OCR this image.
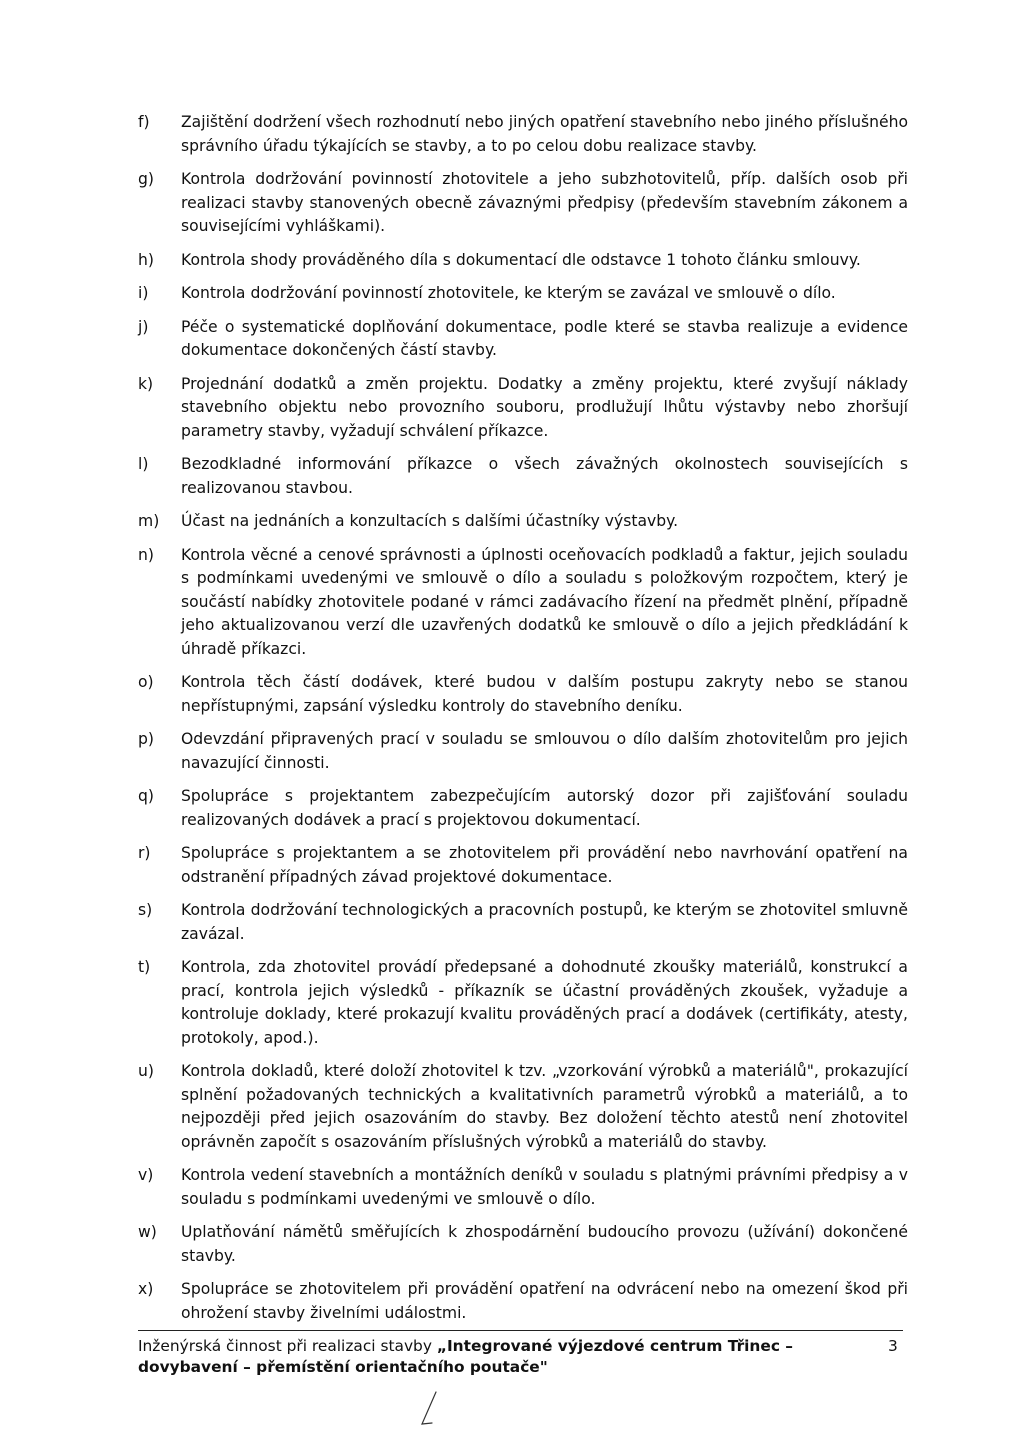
f)	Zajištění dodržení všech rozhodnutí nebo jiných opatření stavebního nebo jiného příslušného správního úřadu týkajících se stavby, a to po celou dobu realizace stavby.
g)	Kontrola dodržování povinností zhotovitele a jeho subzhotovitelů, příp. dalších osob při realizaci stavby stanovených obecně závaznými předpisy (především stavebním zákonem a souvisejícími vyhláškami).
h)	Kontrola shody prováděného díla s dokumentací dle odstavce 1 tohoto článku smlouvy.
i)	Kontrola dodržování povinností zhotovitele, ke kterým se zavázal ve smlouvě o dílo.
j)	Péče o systematické doplňování dokumentace, podle které se stavba realizuje a evidence dokumentace dokončených částí stavby.
k)	Projednání dodatků a změn projektu. Dodatky a změny projektu, které zvyšují náklady stavebního objektu nebo provozního souboru, prodlužují lhůtu výstavby nebo zhoršují parametry stavby, vyžadují schválení příkazce.
l)	Bezodkladné informování příkazce o všech závažných okolnostech souvisejících s realizovanou stavbou.
m)	Účast na jednáních a konzultacích s dalšími účastníky výstavby.
n)	Kontrola věcné a cenové správnosti a úplnosti oceňovacích podkladů a faktur, jejich souladu s podmínkami uvedenými ve smlouvě o dílo a souladu s položkovým rozpočtem, který je součástí nabídky zhotovitele podané v rámci zadávacího řízení na předmět plnění, případně jeho aktualizovanou verzí dle uzavřených dodatků ke smlouvě o dílo a jejich předkládání k úhradě příkazci.
o)	Kontrola těch částí dodávek, které budou v dalším postupu zakryty nebo se stanou nepřístupnými, zapsání výsledku kontroly do stavebního deníku.
p)	Odevzdání připravených prací v souladu se smlouvou o dílo dalším zhotovitelům pro jejich navazující činnosti.
q)	Spolupráce s projektantem zabezpečujícím autorský dozor při zajišťování souladu realizovaných dodávek a prací s projektovou dokumentací.
r)	Spolupráce s projektantem a se zhotovitelem při provádění nebo navrhování opatření na odstranění případných závad projektové dokumentace.
s)	Kontrola dodržování technologických a pracovních postupů, ke kterým se zhotovitel smluvně zavázal.
t)	Kontrola, zda zhotovitel provádí předepsané a dohodnuté zkoušky materiálů, konstrukcí a prací, kontrola jejich výsledků - příkazník se účastní prováděných zkoušek, vyžaduje a kontroluje doklady, které prokazují kvalitu prováděných prací a dodávek (certifikáty, atesty, protokoly, apod.).
u)	Kontrola dokladů, které doloží zhotovitel k tzv. „vzorkování výrobků a materiálů", prokazující splnění požadovaných technických a kvalitativních parametrů výrobků a materiálů, a to nejpozději před jejich osazováním do stavby. Bez doložení těchto atestů není zhotovitel oprávněn započít s osazováním příslušných výrobků a materiálů do stavby.
v)	Kontrola vedení stavebních a montážních deníků v souladu s platnými právními předpisy a v souladu s podmínkami uvedenými ve smlouvě o dílo.
w)	Uplatňování námětů směřujících k zhospodárnění budoucího provozu (užívání) dokončené stavby.
x)	Spolupráce se zhotovitelem při provádění opatření na odvrácení nebo na omezení škod při ohrožení stavby živelními událostmi.
Inženýrská činnost při realizaci stavby „Integrované výjezdové centrum Třinec – dovybavení – přemístění orientačního poutače"
3
